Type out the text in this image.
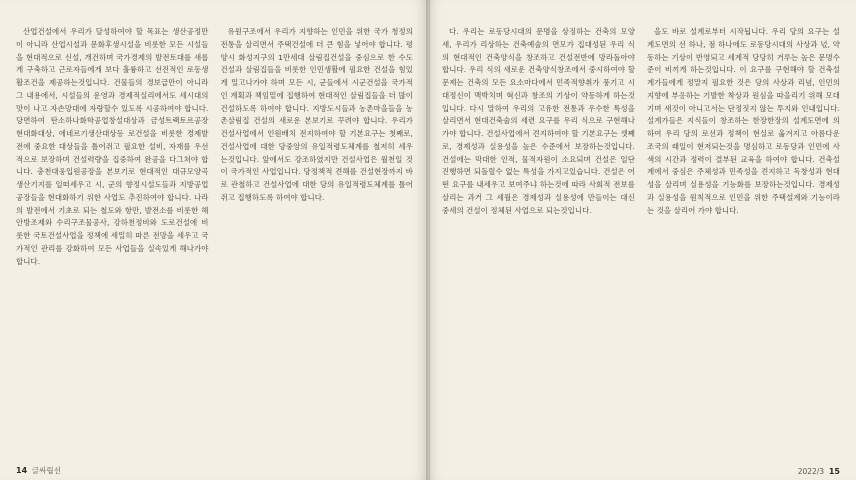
산업건설에서 우리가 달성하여야 할 목표는 생산공정만이 아니라 산업시설과 문화후생시설을 비롯한 모든 시설들을 현대적으로 신설, 개건하며 국가경제의 발전토대를 새롭게 구축하고 근로자들에게 보다 훌륭하고 선진적인 로동생활조건을 제공하는것입니다. 건물들의 경보급만이 아니라 그 내용에서, 시설들의 운영과 경제적실리에서도 세시대의 맛이 나고 자손망대에 자랑할수 있도록 시공하여야 합니다. 당면하여 탄소하나화학공업창설대상과 금성트랙토르공장현대화대상, 에네르기생산대상등 로건설을 비롯한 경제발전에 중요한 대상들을 틀어쥐고 필요한 설비, 자재를 우선적으로 보장하며 건설력량을 집중하여 완공을 다그쳐야 합니다. 충천대웅입원공장을 본보기로 현대적인 대규모양곡생산기지를 일떠세우고 시, 군의 향정시설도들과 지방공업공장들을 현대화하기 위한 사업도 추진하여야 합니다. 나라의 발전에서 기초로 되는 철도와 항만, 발전소를 비롯한 해안방조제와 수리구조물공사, 강하천정비와 도로건설에 비롯한 국토건설사업을 정책에 세밀히 따른 전망을 세우고 국가적인 관리를 강화하여 모든 사업들을 실속있게 해나가야 합니다.

유원구조에서 우리가 지향하는 인민을 위한 국가 청정의 전통을 살리면서 주택건설에 더 큰 힘을 넣어야 합니다. 평양시 화성지구의 1만세대 살림집건설을 중심으로 한 수도건설과 살림집들을 비롯한 인민생활에 필요한 건설을 힘있게 밀고나가야 하며 모든 시, 군들에서 시군건설을 국가적인 계획과 책임밑에 집행하여 현대적인 살림집들을 더 많이 건설하도록 하여야 합니다. 지방도시들과 농촌마을들을 농촌살림집 건설의 새로운 본보기로 꾸려야 합니다. 우리가 건설사업에서 인원배치 전지하여야 할 기본요구는 첫째로, 건설사업에 대한 당중앙의 유일적령도체계를 철저히 세우는것입니다. 앞에서도 강조하였지만 건설사업은 월천일 것이 국가적인 사업입니다. 당정책적 견해를 건설현장까지 바로 관철하고 건설사업에 대한 당의 유일적령도체계를 틀어쥐고 집행하도록 하여야 합니다.

14 글싸립선

다. 우리는 로동당시대의 문명을 상징하는 건축의 모양새, 우리가 리상하는 건축예술의 면모가 집대성된 우리 식의 현대적인 건축양식을 창조하고 건설전반에 망라돌아야 합니다. 우리 식의 새로운 건축양식창조에서 중시하여야 할 문제는 건축의 모든 요소마다에서 민족적향취가 풍기고 시대정신이 맥박치며 혁신과 창조의 기상이 약동하게 하는것입니다. 다시 말하여 우리의 고유한 전통과 우수한 특성을 살리면서 현대건축술의 세련 요구를 우리 식으로 구현해나가야 합니다. 건설사업에서 견지하여야 할 기본요구는 셋째로, 경제성과 실용성을 높은 수준에서 보장하는것입니다. 건설에는 막대한 인적, 물적자원이 소요되며 건설은 일단 진행하면 되돌릴수 없는 특성을 가지고있습니다. 건설은 어떤 요구를 내세우고 보여주냐 하는것에 따라 사회적 전보를 살리는 과거 그 세월은 경제성과 실용성에 만들이는 대신 중세의 건설이 정체된 사업으로 되는것입니다.

을도 바로 설계로부터 시작됩니다. 우리 당의 요구는 설계도면의 선 하나, 점 하나에도 로동당시대의 사상과 넋, 약동하는 기상이 반영되고 세계적 당당히 거루는 높은 문명수준이 비끼게 하는것입니다. 이 요구를 구현해야 할 건축설계가들에게 정말지 필요한 것은 당의 사상과 리념, 인민의 지향에 부응하는 기발한 착상과 원심을 따을리기 위해 모대기며 새것이 아니고서는 단정짓지 않는 투지와 인내입니다. 설계가들은 지식들이 창조하는 한장한장의 설계도면에 의하여 우리 당의 로선과 정책이 현실로 옮겨지고 아름다운 조국의 래일이 현저되는것을 명심하고 로동당과 인민에 사색의 시간과 정력이 결부된 교육을 하여야 합니다. 건축설계에서 중심은 주체성과 민족성을 견지하고 독창성과 현대성을 살리며 실용성을 기능화를 보장하는것입니다. 경제성과 실용성을 원칙적으로 인민을 위한 주택설계와 기능이라는 것을 살리어 가야 합니다.

2022/3 15
